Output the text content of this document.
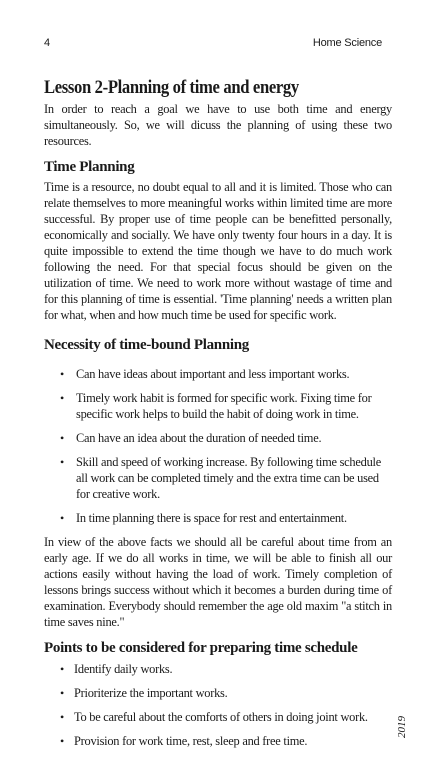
4	Home Science
Lesson 2-Planning of time and energy

In order to reach a goal we have to use both time and energy simultaneously. So, we will dicuss the planning of using these two resources.

Time Planning

Time is a resource, no doubt equal to all and it is limited. Those who can relate themselves to more meaningful works within limited time are more successful. By proper use of time people can be benefitted personally, economically and socially. We have only twenty four hours in a day. It is quite impossible to extend the time though we have to do much work following the need. For that special focus should be given on the utilization of time. We need to work more without wastage of time and for this planning of time is essential. 'Time planning' needs a written plan for what, when and how much time be used for specific work.

Necessity of time-bound Planning
• Can have ideas about important and less important works.
• Timely work habit is formed for specific work. Fixing time for specific work helps to build the habit of doing work in time.
• Can have an idea about the duration of needed time.
• Skill and speed of working increase. By following time schedule all work can be completed timely and the extra time can be used for creative work.
• In time planning there is space for rest and entertainment.

In view of the above facts we should all be careful about time from an early age. If we do all works in time, we will be able to finish all our actions easily without having the load of work. Timely completion of lessons brings success without which it becomes a burden during time of examination. Everybody should remember the age old maxim "a stitch in time saves nine."

Points to be considered for preparing time schedule
• Identify daily works.
• Prioriterize the important works.
• To be careful about the comforts of others in doing joint work.
• Provision for work time, rest, sleep and free time.
2019
